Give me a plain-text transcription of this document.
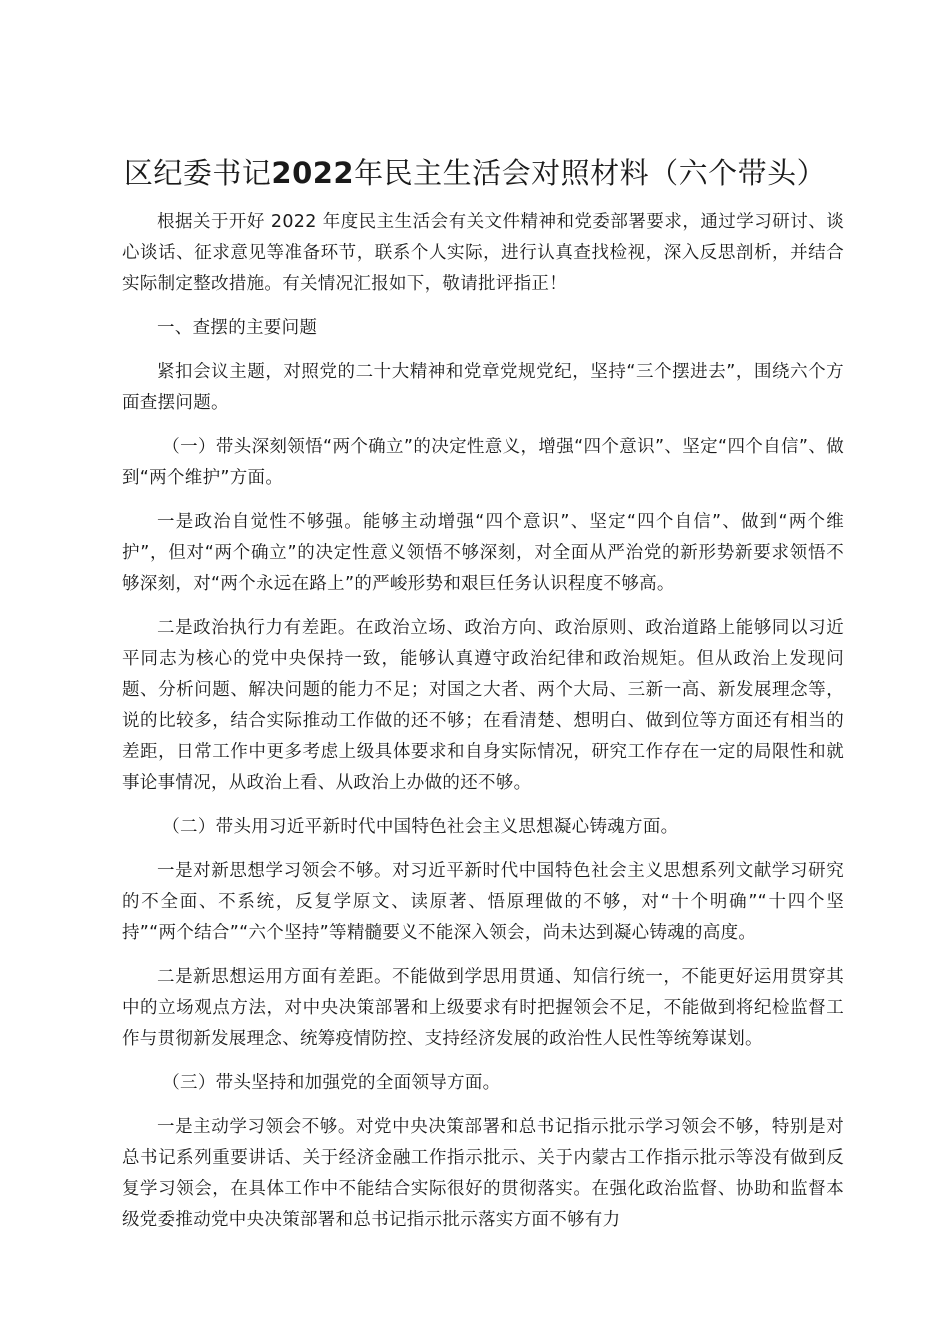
区纪委书记2022年民主生活会对照材料（六个带头）

根据关于开好 2022 年度民主生活会有关文件精神和党委部署要求，通过学习研讨、谈心谈话、征求意见等准备环节，联系个人实际，进行认真查找检视，深入反思剖析，并结合实际制定整改措施。有关情况汇报如下，敬请批评指正！

一、查摆的主要问题

紧扣会议主题，对照党的二十大精神和党章党规党纪，坚持“三个摆进去”，围绕六个方面查摆问题。

（一）带头深刻领悟“两个确立”的决定性意义，增强“四个意识”、坚定“四个自信”、做到“两个维护”方面。

一是政治自觉性不够强。能够主动增强“四个意识”、坚定“四个自信”、做到“两个维护”，但对“两个确立”的决定性意义领悟不够深刻，对全面从严治党的新形势新要求领悟不够深刻，对“两个永远在路上”的严峻形势和艰巨任务认识程度不够高。

二是政治执行力有差距。在政治立场、政治方向、政治原则、政治道路上能够同以习近平同志为核心的党中央保持一致，能够认真遵守政治纪律和政治规矩。但从政治上发现问题、分析问题、解决问题的能力不足；对国之大者、两个大局、三新一高、新发展理念等，说的比较多，结合实际推动工作做的还不够；在看清楚、想明白、做到位等方面还有相当的差距，日常工作中更多考虑上级具体要求和自身实际情况，研究工作存在一定的局限性和就事论事情况，从政治上看、从政治上办做的还不够。

（二）带头用习近平新时代中国特色社会主义思想凝心铸魂方面。

一是对新思想学习领会不够。对习近平新时代中国特色社会主义思想系列文献学习研究的不全面、不系统，反复学原文、读原著、悟原理做的不够，对“十个明确”“十四个坚持”“两个结合”“六个坚持”等精髓要义不能深入领会，尚未达到凝心铸魂的高度。

二是新思想运用方面有差距。不能做到学思用贯通、知信行统一，不能更好运用贯穿其中的立场观点方法，对中央决策部署和上级要求有时把握领会不足，不能做到将纪检监督工作与贯彻新发展理念、统筹疫情防控、支持经济发展的政治性人民性等统筹谋划。

（三）带头坚持和加强党的全面领导方面。

一是主动学习领会不够。对党中央决策部署和总书记指示批示学习领会不够，特别是对总书记系列重要讲话、关于经济金融工作指示批示、关于内蒙古工作指示批示等没有做到反复学习领会，在具体工作中不能结合实际很好的贯彻落实。在强化政治监督、协助和监督本级党委推动党中央决策部署和总书记指示批示落实方面不够有力
